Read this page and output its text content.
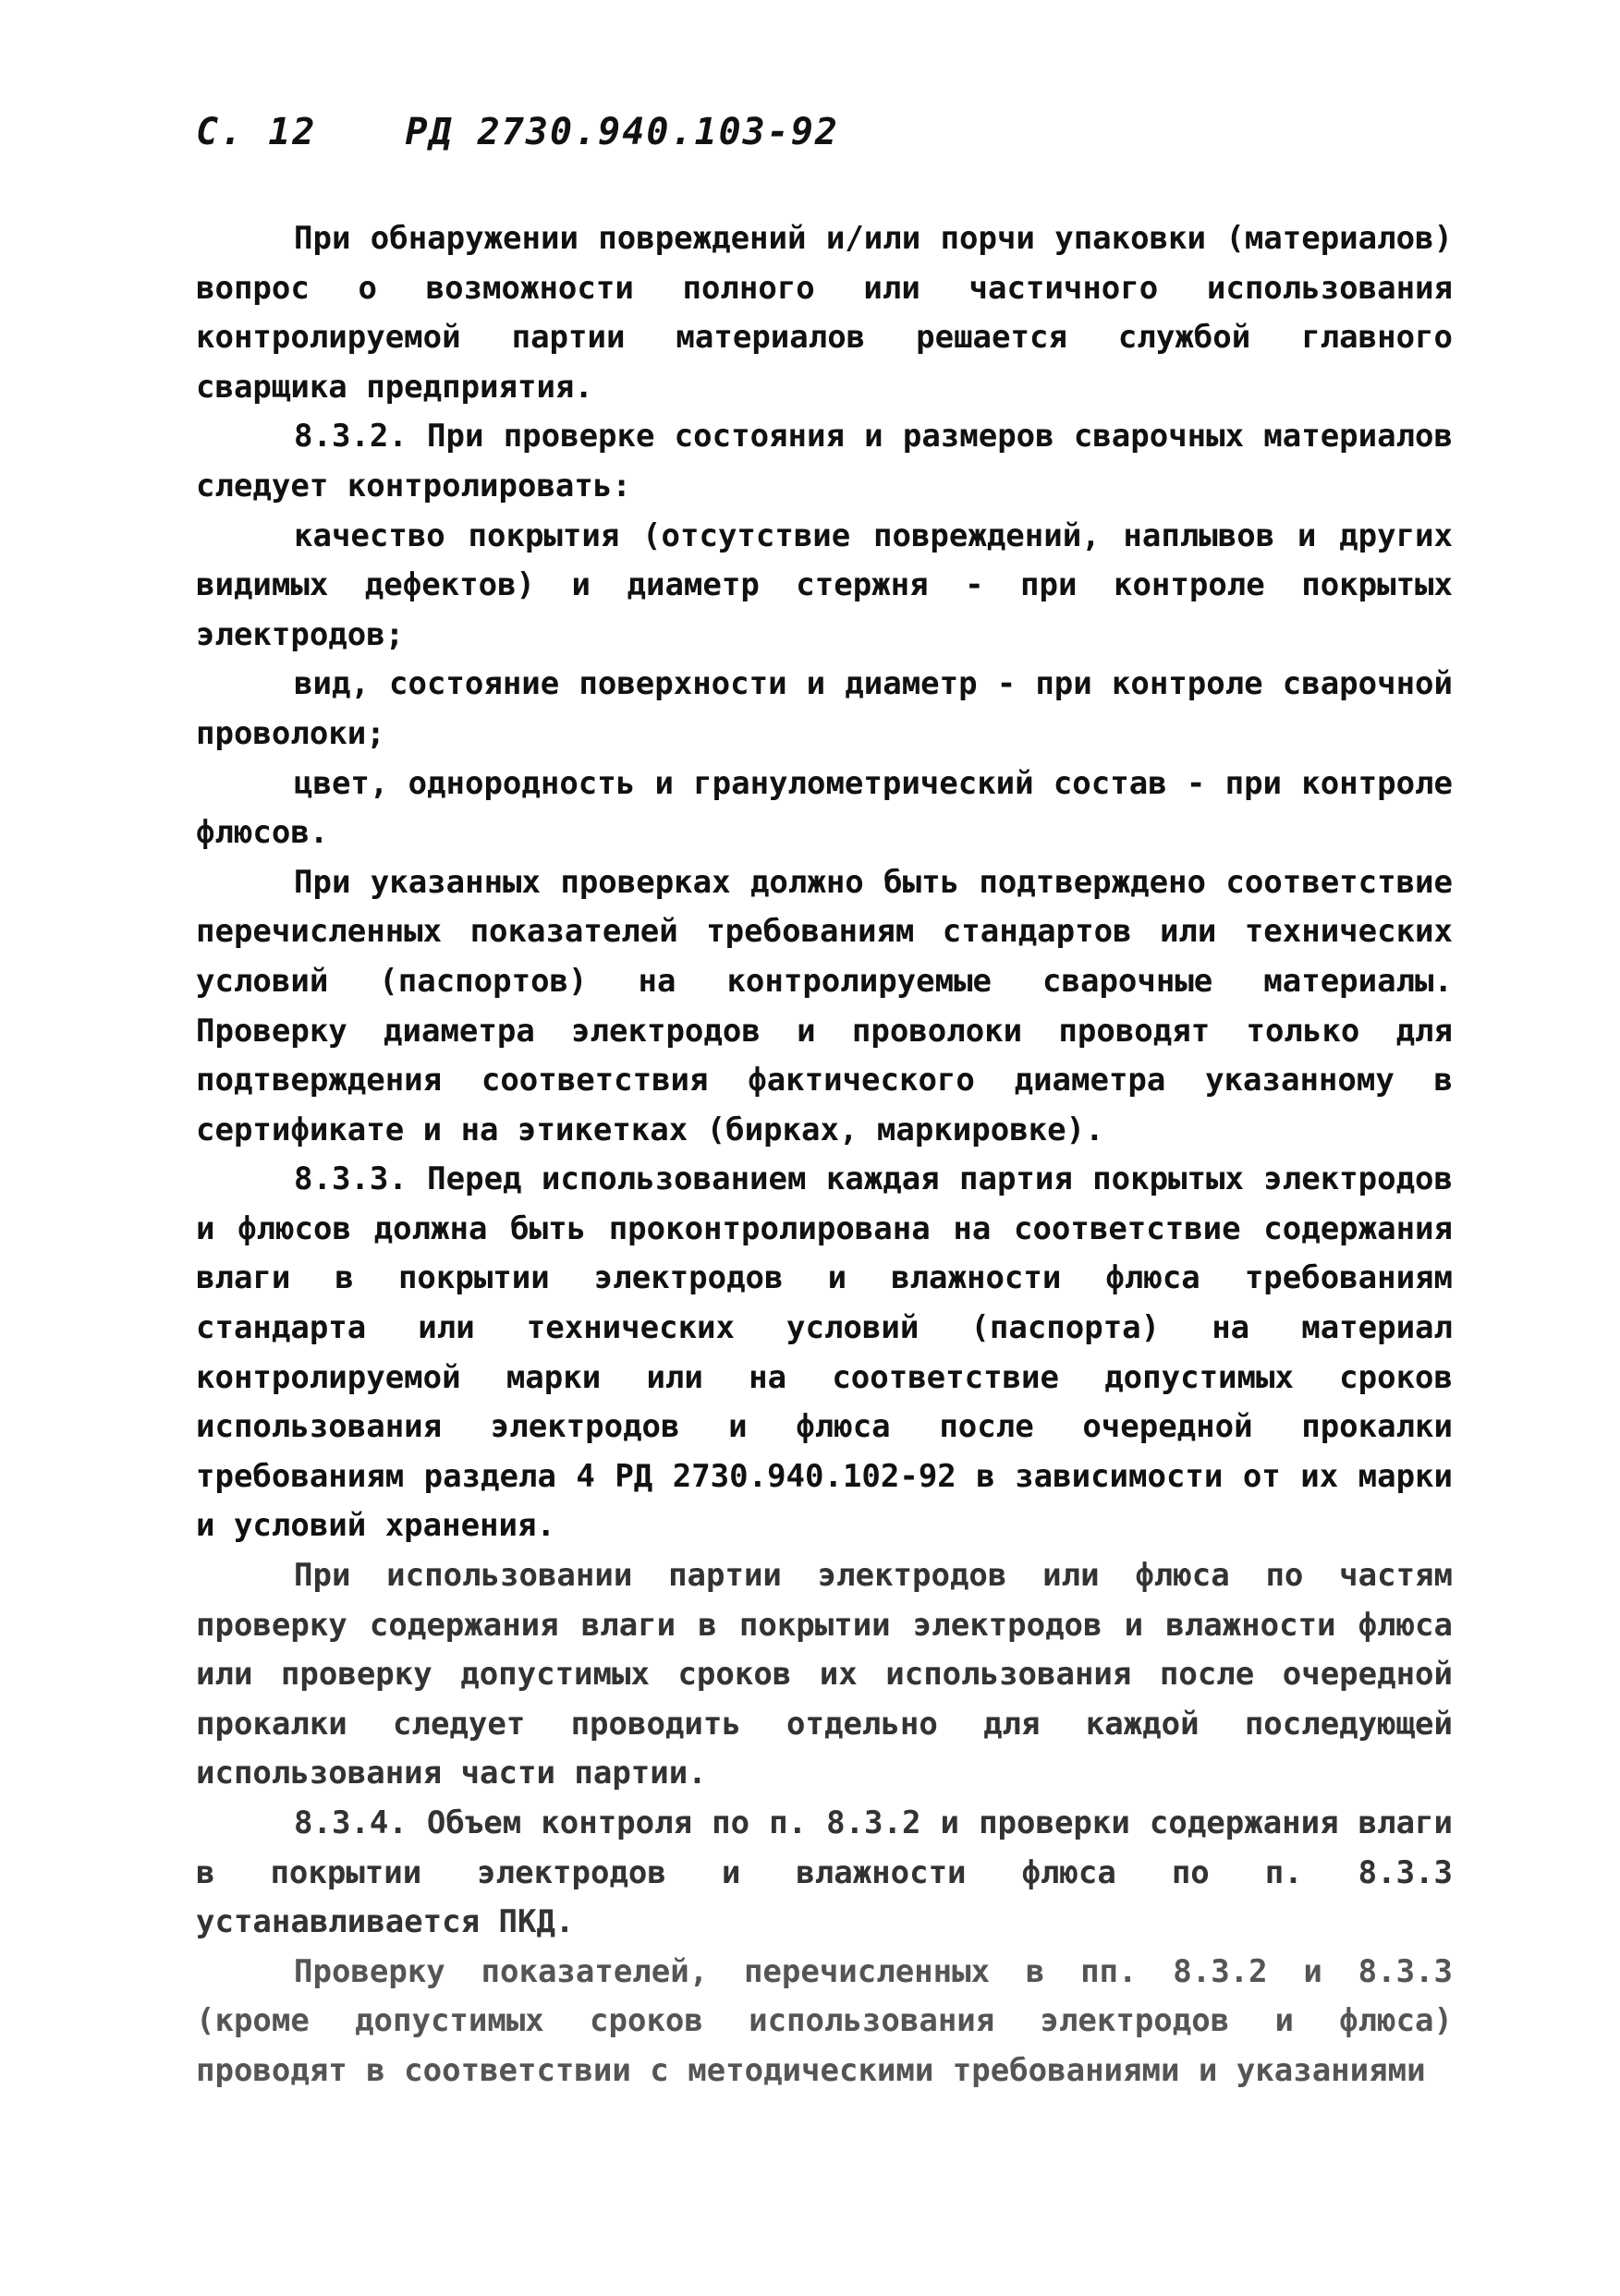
С. 12 РД 2730.940.103-92

При обнаружении повреждений и/или порчи упаковки (материалов) вопрос о возможности полного или частичного использования контролируемой партии материалов решается службой главного сварщика предприятия.

8.3.2. При проверке состояния и размеров сварочных материалов следует контролировать:

качество покрытия (отсутствие повреждений, наплывов и других видимых дефектов) и диаметр стержня - при контроле покрытых электродов;

вид, состояние поверхности и диаметр - при контроле сварочной проволоки;

цвет, однородность и гранулометрический состав - при контроле флюсов.

При указанных проверках должно быть подтверждено соответствие перечисленных показателей требованиям стандартов или технических условий (паспортов) на контролируемые сварочные материалы. Проверку диаметра электродов и проволоки проводят только для подтверждения соответствия фактического диаметра указанному в сертификате и на этикетках (бирках, маркировке).

8.3.3. Перед использованием каждая партия покрытых электродов и флюсов должна быть проконтролирована на соответствие содержания влаги в покрытии электродов и влажности флюса требованиям стандарта или технических условий (паспорта) на материал контролируемой марки или на соответствие допустимых сроков использования электродов и флюса после очередной прокалки требованиям раздела 4 РД 2730.940.102-92 в зависимости от их марки и условий хранения.

При использовании партии электродов или флюса по частям проверку содержания влаги в покрытии электродов и влажности флюса или проверку допустимых сроков их использования после очередной прокалки следует проводить отдельно для каждой последующей использования части партии.

8.3.4. Объем контроля по п. 8.3.2 и проверки содержания влаги в покрытии электродов и влажности флюса по п. 8.3.3 устанавливается ПКД.

Проверку показателей, перечисленных в пп. 8.3.2 и 8.3.3 (кроме допустимых сроков использования электродов и флюса) проводят в соответствии с методическими требованиями и указаниями
